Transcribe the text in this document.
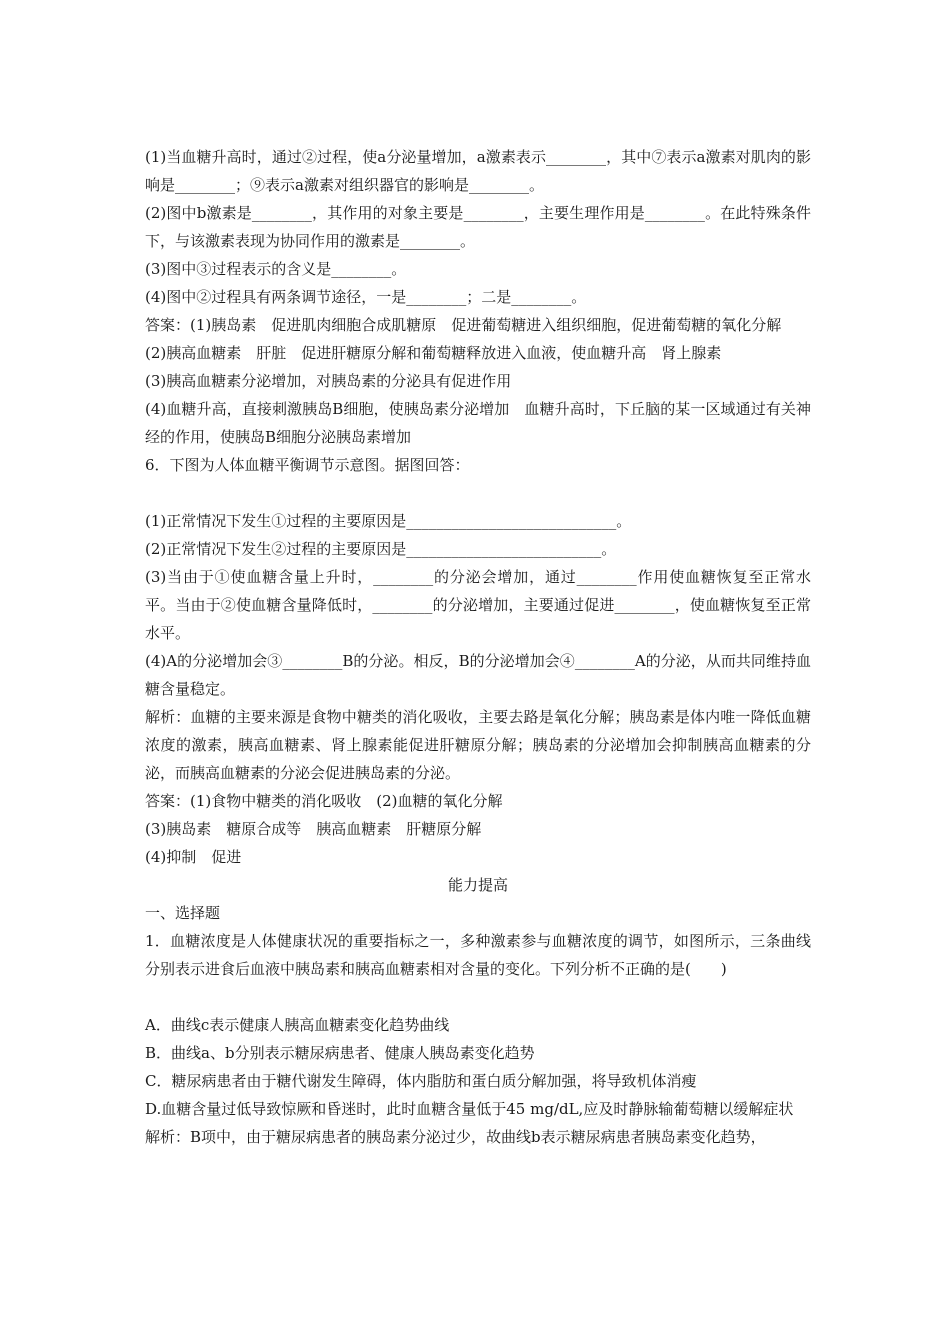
(1)当血糖升高时，通过②过程，使a分泌量增加，a激素表示________，其中⑦表示a激素对肌肉的影响是________；⑨表示a激素对组织器官的影响是________。

(2)图中b激素是________，其作用的对象主要是________，主要生理作用是________。在此特殊条件下，与该激素表现为协同作用的激素是________。

(3)图中③过程表示的含义是________。

(4)图中②过程具有两条调节途径，一是________；二是________。

答案：(1)胰岛素　促进肌肉细胞合成肌糖原　促进葡萄糖进入组织细胞，促进葡萄糖的氧化分解

(2)胰高血糖素　肝脏　促进肝糖原分解和葡萄糖释放进入血液，使血糖升高　肾上腺素

(3)胰高血糖素分泌增加，对胰岛素的分泌具有促进作用

(4)血糖升高，直接刺激胰岛B细胞，使胰岛素分泌增加　血糖升高时，下丘脑的某一区域通过有关神经的作用，使胰岛B细胞分泌胰岛素增加

6．下图为人体血糖平衡调节示意图。据图回答：

(1)正常情况下发生①过程的主要原因是____________________________。

(2)正常情况下发生②过程的主要原因是__________________________。

(3)当由于①使血糖含量上升时，________的分泌会增加，通过________作用使血糖恢复至正常水平。当由于②使血糖含量降低时，________的分泌增加，主要通过促进________，使血糖恢复至正常水平。

(4)A的分泌增加会③________B的分泌。相反，B的分泌增加会④________A的分泌，从而共同维持血糖含量稳定。

解析：血糖的主要来源是食物中糖类的消化吸收，主要去路是氧化分解；胰岛素是体内唯一降低血糖浓度的激素，胰高血糖素、肾上腺素能促进肝糖原分解；胰岛素的分泌增加会抑制胰高血糖素的分泌，而胰高血糖素的分泌会促进胰岛素的分泌。

答案：(1)食物中糖类的消化吸收　(2)血糖的氧化分解

(3)胰岛素　糖原合成等　胰高血糖素　肝糖原分解

(4)抑制　促进

能力提高

一、选择题

1．血糖浓度是人体健康状况的重要指标之一，多种激素参与血糖浓度的调节，如图所示，三条曲线分别表示进食后血液中胰岛素和胰高血糖素相对含量的变化。下列分析不正确的是(　　)

A．曲线c表示健康人胰高血糖素变化趋势曲线

B．曲线a、b分别表示糖尿病患者、健康人胰岛素变化趋势

C．糖尿病患者由于糖代谢发生障碍，体内脂肪和蛋白质分解加强，将导致机体消瘦

D.血糖含量过低导致惊厥和昏迷时，此时血糖含量低于45 mg/dL,应及时静脉输葡萄糖以缓解症状

解析：B项中，由于糖尿病患者的胰岛素分泌过少，故曲线b表示糖尿病患者胰岛素变化趋势，
